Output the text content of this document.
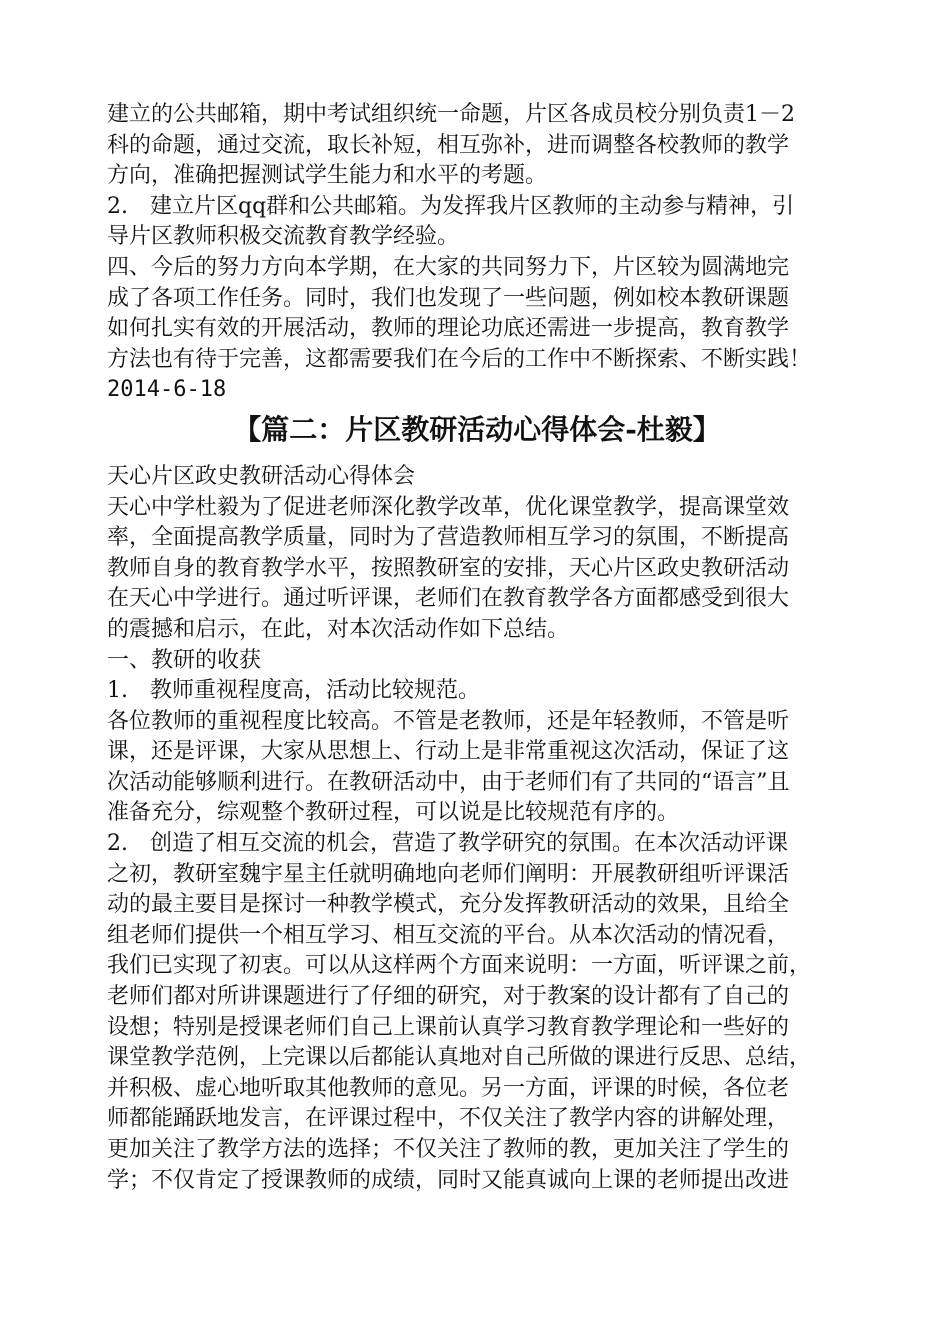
建立的公共邮箱，期中考试组织统一命题，片区各成员校分别负责1－2

科的命题，通过交流，取长补短，相互弥补，进而调整各校教师的教学

方向，准确把握测试学生能力和水平的考题。

2.　建立片区qq群和公共邮箱。为发挥我片区教师的主动参与精神，引

导片区教师积极交流教育教学经验。

四、今后的努力方向本学期，在大家的共同努力下，片区较为圆满地完

成了各项工作任务。同时，我们也发现了一些问题，例如校本教研课题

如何扎实有效的开展活动，教师的理论功底还需进一步提高，教育教学

方法也有待于完善，这都需要我们在今后的工作中不断探索、不断实践！

2014-6-18

【篇二：片区教研活动心得体会-杜毅】

天心片区政史教研活动心得体会

天心中学杜毅为了促进老师深化教学改革，优化课堂教学，提高课堂效

率，全面提高教学质量，同时为了营造教师相互学习的氛围，不断提高

教师自身的教育教学水平，按照教研室的安排，天心片区政史教研活动

在天心中学进行。通过听评课，老师们在教育教学各方面都感受到很大

的震撼和启示，在此，对本次活动作如下总结。

一、教研的收获

1.　教师重视程度高，活动比较规范。

各位教师的重视程度比较高。不管是老教师，还是年轻教师，不管是听

课，还是评课，大家从思想上、行动上是非常重视这次活动，保证了这

次活动能够顺利进行。在教研活动中，由于老师们有了共同的“语言”且

准备充分，综观整个教研过程，可以说是比较规范有序的。

2.　创造了相互交流的机会，营造了教学研究的氛围。在本次活动评课

之初，教研室魏宇星主任就明确地向老师们阐明：开展教研组听评课活

动的最主要目是探讨一种教学模式，充分发挥教研活动的效果，且给全

组老师们提供一个相互学习、相互交流的平台。从本次活动的情况看，

我们已实现了初衷。可以从这样两个方面来说明：一方面，听评课之前，

老师们都对所讲课题进行了仔细的研究，对于教案的设计都有了自己的

设想；特别是授课老师们自己上课前认真学习教育教学理论和一些好的

课堂教学范例，上完课以后都能认真地对自己所做的课进行反思、总结，

并积极、虚心地听取其他教师的意见。另一方面，评课的时候，各位老

师都能踊跃地发言，在评课过程中，不仅关注了教学内容的讲解处理，

更加关注了教学方法的选择；不仅关注了教师的教，更加关注了学生的

学；不仅肯定了授课教师的成绩，同时又能真诚向上课的老师提出改进
